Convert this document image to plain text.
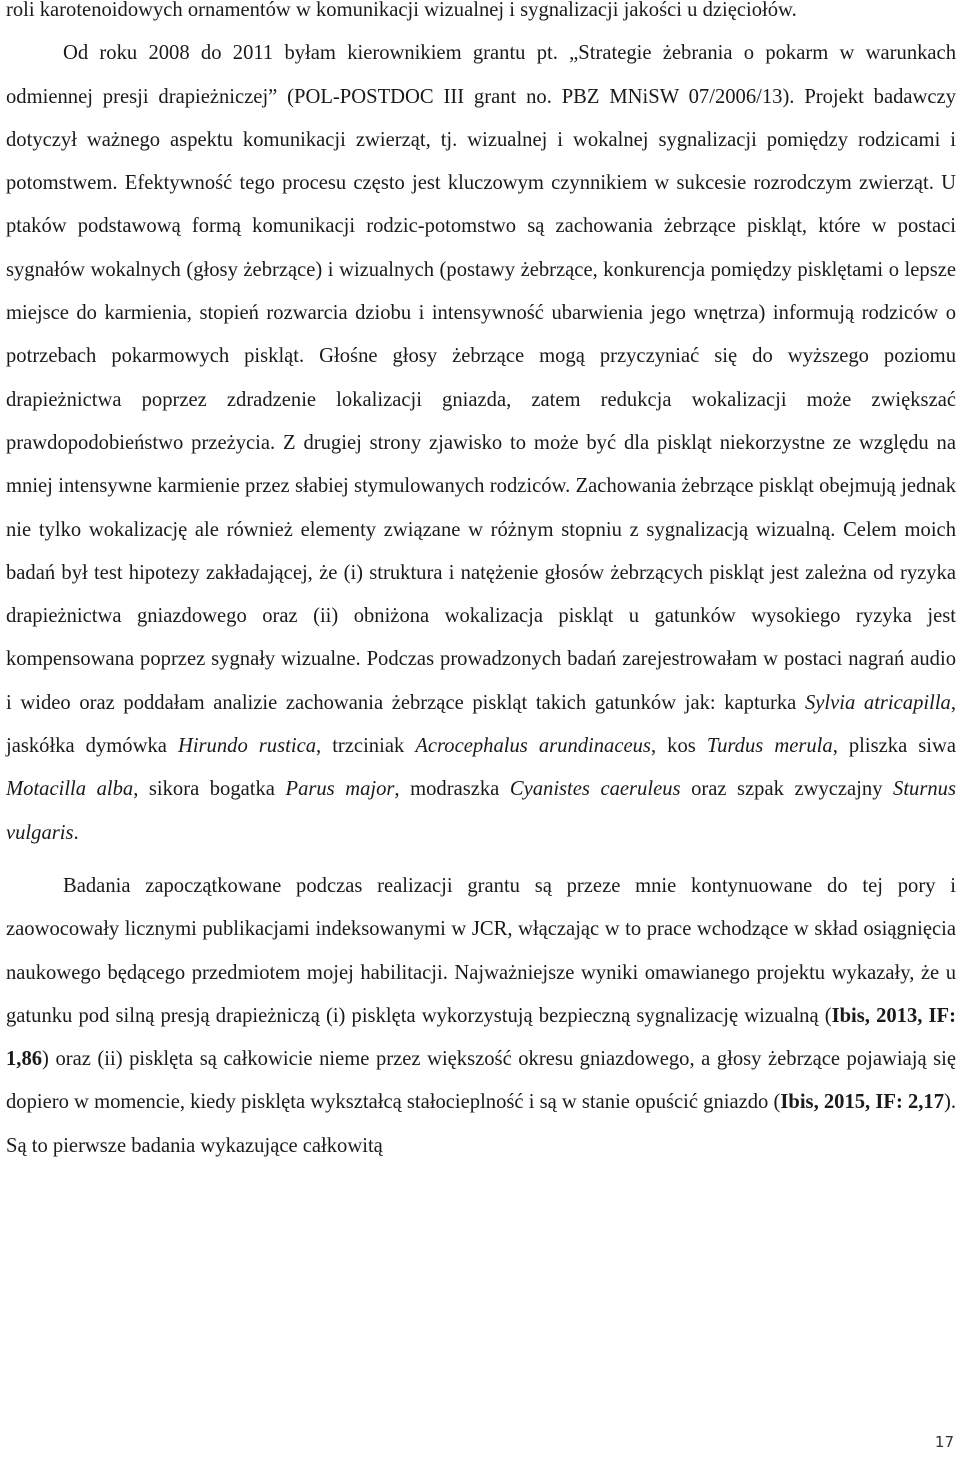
roli karotenoidowych ornamentów w komunikacji wizualnej i sygnalizacji jakości u dzięciołów.

Od roku 2008 do 2011 byłam kierownikiem grantu pt. „Strategie żebrania o pokarm w warunkach odmiennej presji drapieżniczej” (POL-POSTDOC III grant no. PBZ MNiSW 07/2006/13). Projekt badawczy dotyczył ważnego aspektu komunikacji zwierząt, tj. wizualnej i wokalnej sygnalizacji pomiędzy rodzicami i potomstwem. Efektywność tego procesu często jest kluczowym czynnikiem w sukcesie rozrodczym zwierząt. U ptaków podstawową formą komunikacji rodzic-potomstwo są zachowania żebrzące piskląt, które w postaci sygnałów wokalnych (głosy żebrzące) i wizualnych (postawy żebrzące, konkurencja pomiędzy pisklętami o lepsze miejsce do karmienia, stopień rozwarcia dziobu i intensywność ubarwienia jego wnętrza) informują rodziców o potrzebach pokarmowych piskląt. Głośne głosy żebrzące mogą przyczyniać się do wyższego poziomu drapieżnictwa poprzez zdradzenie lokalizacji gniazda, zatem redukcja wokalizacji może zwiększać prawdopodobieństwo przeżycia. Z drugiej strony zjawisko to może być dla piskląt niekorzystne ze względu na mniej intensywne karmienie przez słabiej stymulowanych rodziców. Zachowania żebrzące piskląt obejmują jednak nie tylko wokalizację ale również elementy związane w różnym stopniu z sygnalizacją wizualną. Celem moich badań był test hipotezy zakładającej, że (i) struktura i natężenie głosów żebrzących piskląt jest zależna od ryzyka drapieżnictwa gniazdowego oraz (ii) obniżona wokalizacja piskląt u gatunków wysokiego ryzyka jest kompensowana poprzez sygnały wizualne. Podczas prowadzonych badań zarejestrowałam w postaci nagrań audio i wideo oraz poddałam analizie zachowania żebrzące piskląt takich gatunków jak: kapturka Sylvia atricapilla, jaskółka dymówka Hirundo rustica, trzciniak Acrocephalus arundinaceus, kos Turdus merula, pliszka siwa Motacilla alba, sikora bogatka Parus major, modraszka Cyanistes caeruleus oraz szpak zwyczajny Sturnus vulgaris.

Badania zapoczątkowane podczas realizacji grantu są przeze mnie kontynuowane do tej pory i zaowocowały licznymi publikacjami indeksowanymi w JCR, włączając w to prace wchodzące w skład osiągnięcia naukowego będącego przedmiotem mojej habilitacji. Najważniejsze wyniki omawianego projektu wykazały, że u gatunku pod silną presją drapieżniczą (i) pisklęta wykorzystują bezpieczną sygnalizację wizualną (Ibis, 2013, IF: 1,86) oraz (ii) pisklęta są całkowicie nieme przez większość okresu gniazdowego, a głosy żebrzące pojawiają się dopiero w momencie, kiedy pisklęta wykształcą stałocieplność i są w stanie opuścić gniazdo (Ibis, 2015, IF: 2,17). Są to pierwsze badania wykazujące całkowitą

17
